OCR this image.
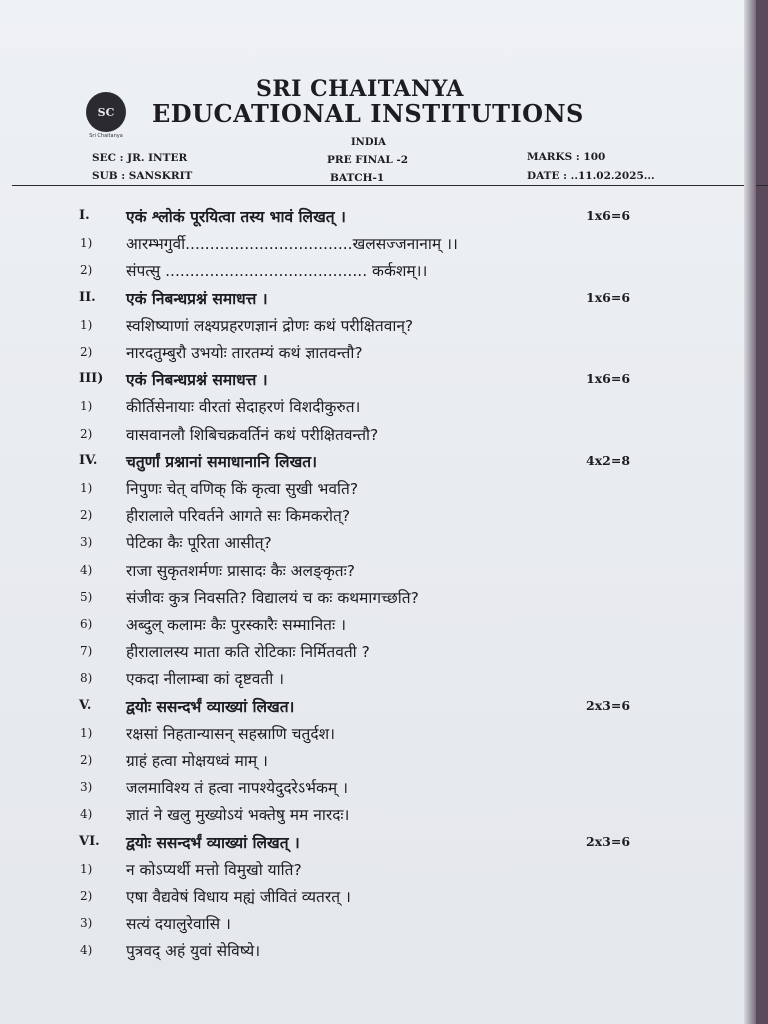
SC
Sri Chaitanya
SRI CHAITANYA
EDUCATIONAL INSTITUTIONS
INDIA
SEC : JR. INTER
SUB : SANSKRIT
PRE FINAL -2
BATCH-1
MARKS : 100
DATE : ..11.02.2025...
I. एकं श्लोकं पूरयित्वा तस्य भावं लिखत् ।	1x6=6
1) आरम्भगुर्वी..................................खलसज्जनानाम् ।।
2) संपत्सु ......................................... कर्कशम्।।
II. एकं निबन्धप्रश्नं समाधत्त ।	1x6=6
1) स्वशिष्याणां लक्ष्यप्रहरणज्ञानं द्रोणः कथं परीक्षितवान्?
2) नारदतुम्बुरौ उभयोः तारतम्यं कथं ज्ञातवन्तौ?
III) एकं निबन्धप्रश्नं समाधत्त ।	1x6=6
1) कीर्तिसेनायाः वीरतां सेदाहरणं विशदीकुरुत।
2) वासवानलौ शिबिचक्रवर्तिनं कथं परीक्षितवन्तौ?
IV. चतुर्णां प्रश्नानां समाधानानि लिखत।	4x2=8
1) निपुणः चेत् वणिक् किं कृत्वा सुखी भवति?
2) हीरालाले परिवर्तने आगते सः किमकरोत्?
3) पेटिका कैः पूरिता आसीत्?
4) राजा सुकृतशर्मणः प्रासादः कैः अलङ्कृतः?
5) संजीवः कुत्र निवसति? विद्यालयं च कः कथमागच्छति?
6) अब्दुल् कलामः कैः पुरस्कारैः सम्मानितः ।
7) हीरालालस्य माता कति रोटिकाः निर्मितवती ?
8) एकदा नीलाम्बा कां दृष्टवती ।
V. द्वयोः ससन्दर्भं व्याख्यां लिखत।	2x3=6
1) रक्षसां निहतान्यासन् सहस्राणि चतुर्दश।
2) ग्राहं हत्वा मोक्षयध्वं माम् ।
3) जलमाविश्य तं हत्वा नापश्येदुदरेऽर्भकम् ।
4) ज्ञातं ने खलु मुख्योऽयं भक्तेषु मम नारदः।
VI. द्वयोः ससन्दर्भं व्याख्यां लिखत् ।	2x3=6
1) न कोऽप्यर्थी मत्तो विमुखो याति?
2) एषा वैद्यवेषं विधाय मह्यं जीवितं व्यतरत् ।
3) सत्यं दयालुरेवासि ।
4) पुत्रवद् अहं युवां सेविष्ये।
